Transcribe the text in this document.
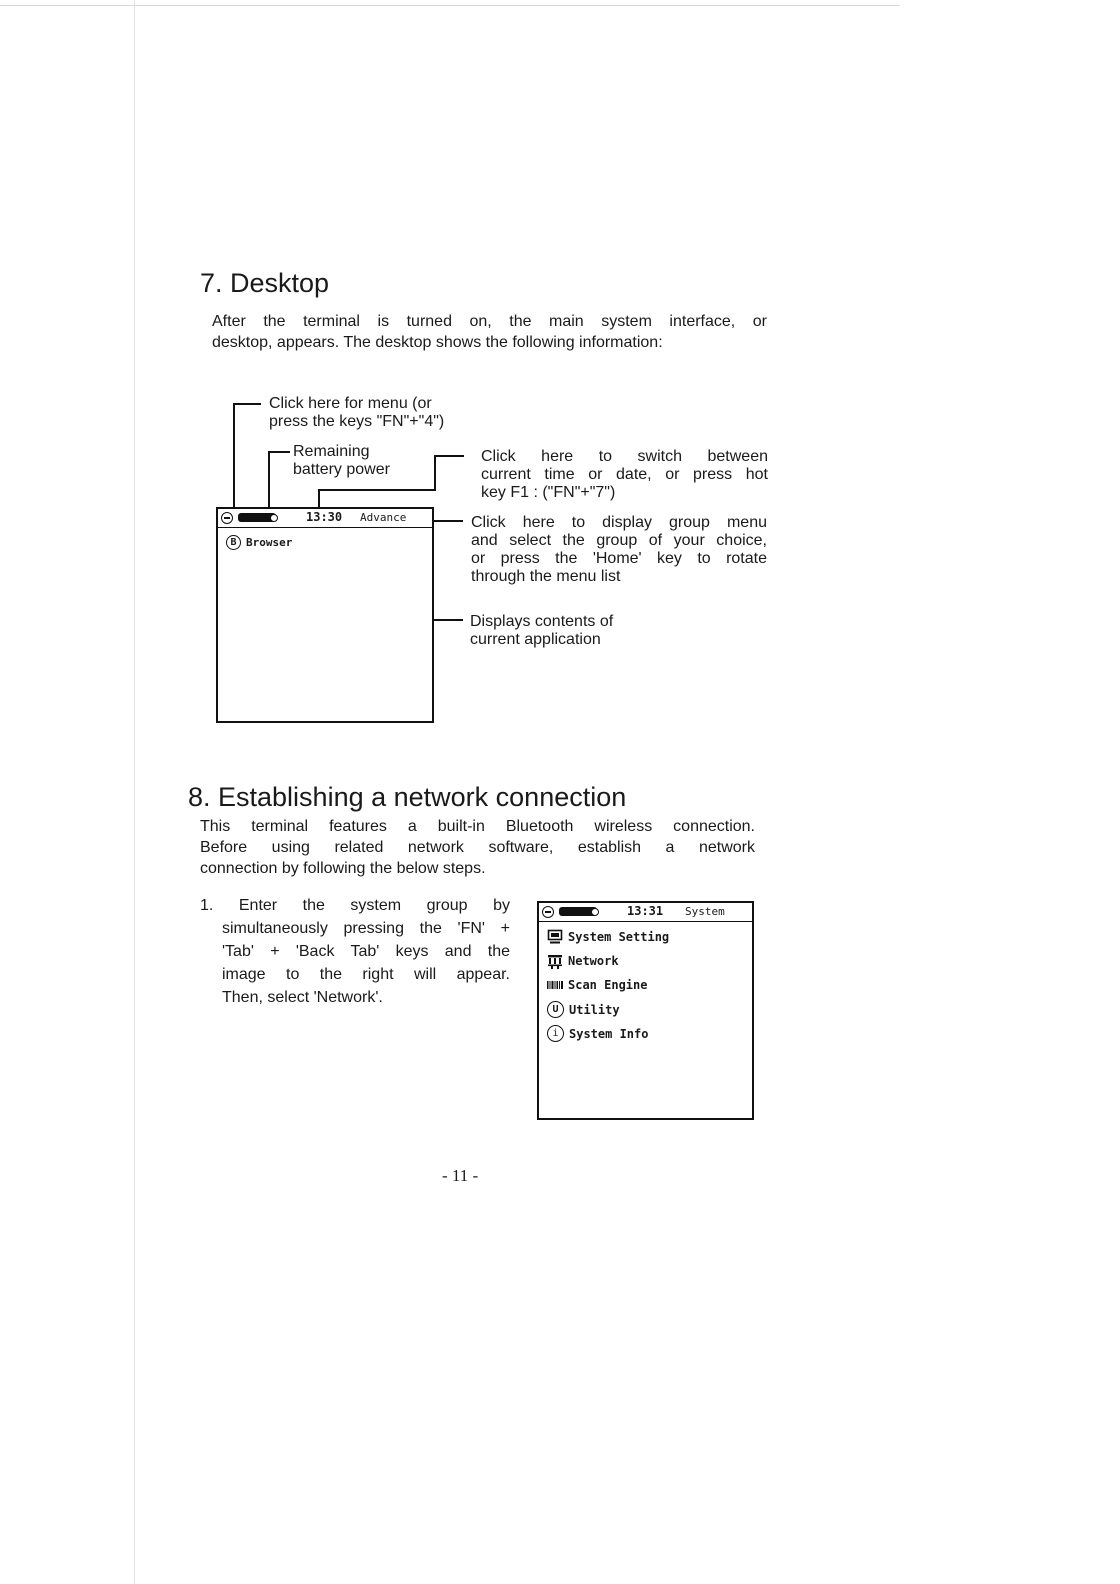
7. Desktop
After the terminal is turned on, the main system interface, or
desktop, appears. The desktop shows the following information:
Click here for menu (or
press the keys "FN"+"4")
Remaining
battery power
Click here to switch between
current time or date, or press hot
key F1 : ("FN"+"7")
Click here to display group menu
and select the group of your choice,
or press the 'Home' key to rotate
through the menu list
Displays contents of
current application
13:30 Advance
B Browser
8. Establishing a network connection
This terminal features a built-in Bluetooth wireless connection.
Before using related network software, establish a network
connection by following the below steps.
1. Enter the system group by
simultaneously pressing the 'FN' +
'Tab' + 'Back Tab' keys and the
image to the right will appear.
Then, select 'Network'.
13:31 System
System Setting
Network
Scan Engine
U Utility
i System Info
- 11 -
